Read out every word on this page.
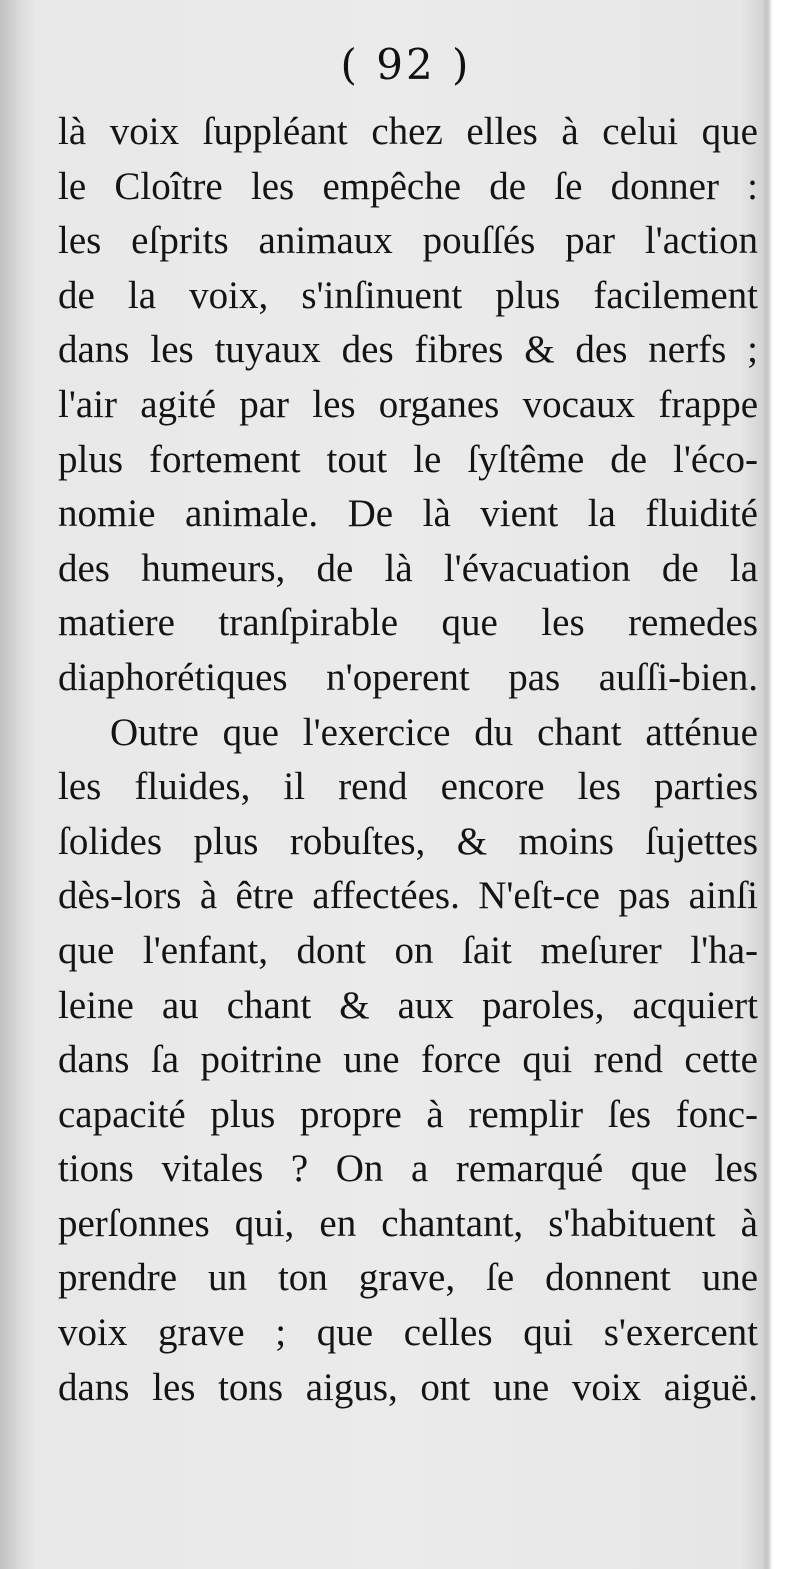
( 92 )
là voix ſuppléant chez elles à celui que
le Cloître les empêche de ſe donner :
les eſprits animaux pouſſés par l'action
de la voix, s'inſinuent plus facilement
dans les tuyaux des fibres & des nerfs ;
l'air agité par les organes vocaux frappe
plus fortement tout le ſyſtême de l'éco-
nomie animale. De là vient la fluidité
des humeurs, de là l'évacuation de la
matiere tranſpirable que les remedes
diaphorétiques n'operent pas auſſi-bien.
Outre que l'exercice du chant atténue
les fluides, il rend encore les parties
ſolides plus robuſtes, & moins ſujettes
dès-lors à être affectées. N'eſt-ce pas ainſi
que l'enfant, dont on ſait meſurer l'ha-
leine au chant & aux paroles, acquiert
dans ſa poitrine une force qui rend cette
capacité plus propre à remplir ſes fonc-
tions vitales ? On a remarqué que les
perſonnes qui, en chantant, s'habituent à
prendre un ton grave, ſe donnent une
voix grave ; que celles qui s'exercent
dans les tons aigus, ont une voix aiguë.
